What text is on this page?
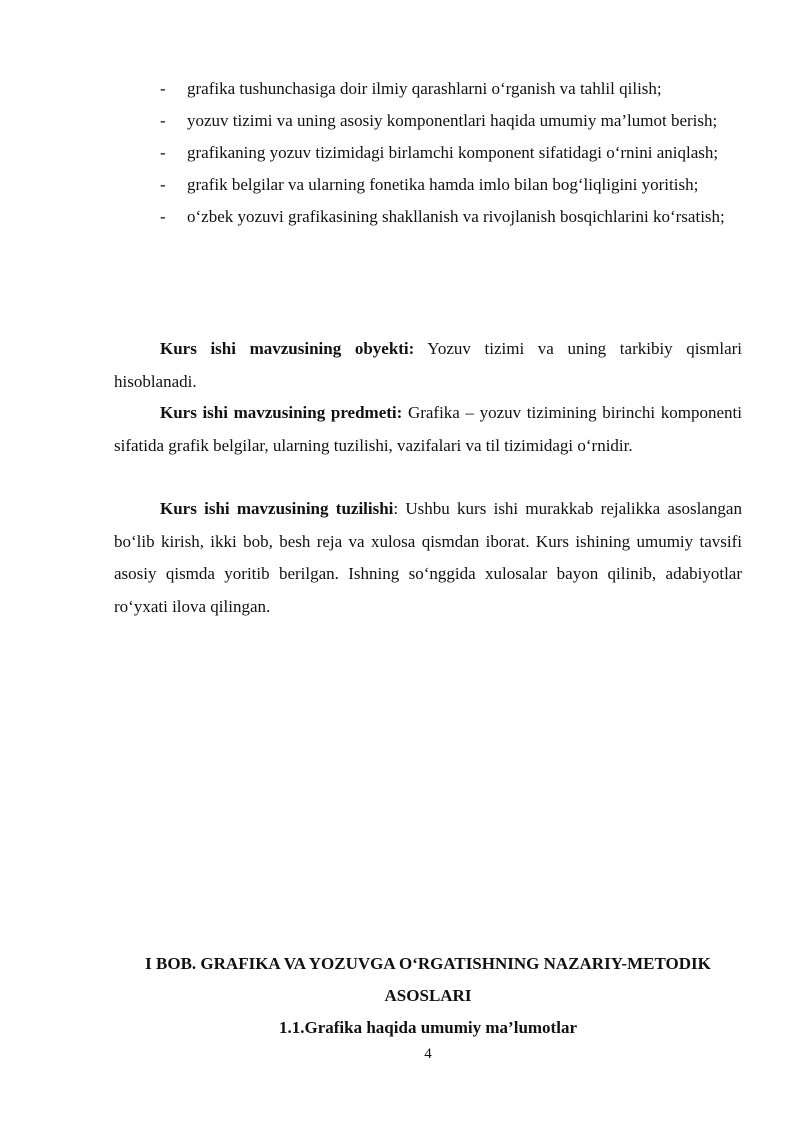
- grafika tushunchasiga doir ilmiy qarashlarni o‘rganish va tahlil qilish;
- yozuv tizimi va uning asosiy komponentlari haqida umumiy ma’lumot berish;
- grafikaning yozuv tizimidagi birlamchi komponent sifatidagi o‘rnini aniqlash;
- grafik belgilar va ularning fonetika hamda imlo bilan bog‘liqligini yoritish;
- o‘zbek yozuvi grafikasining shakllanish va rivojlanish bosqichlarini ko‘rsatish;

Kurs ishi mavzusining obyekti: Yozuv tizimi va uning tarkibiy qismlari hisoblanadi.

Kurs ishi mavzusining predmeti: Grafika – yozuv tizimining birinchi komponenti sifatida grafik belgilar, ularning tuzilishi, vazifalari va til tizimidagi o‘rnidir.

Kurs ishi mavzusining tuzilishi: Ushbu kurs ishi murakkab rejalikka asoslangan bo‘lib kirish, ikki bob, besh reja va xulosa qismdan iborat. Kurs ishining umumiy tavsifi asosiy qismda yoritib berilgan. Ishning so‘nggida xulosalar bayon qilinib, adabiyotlar ro‘yxati ilova qilingan.

I BOB. GRAFIKA VA YOZUVGA O‘RGATISHNING NAZARIY-METODIK ASOSLARI
1.1.Grafika haqida umumiy ma’lumotlar
4
